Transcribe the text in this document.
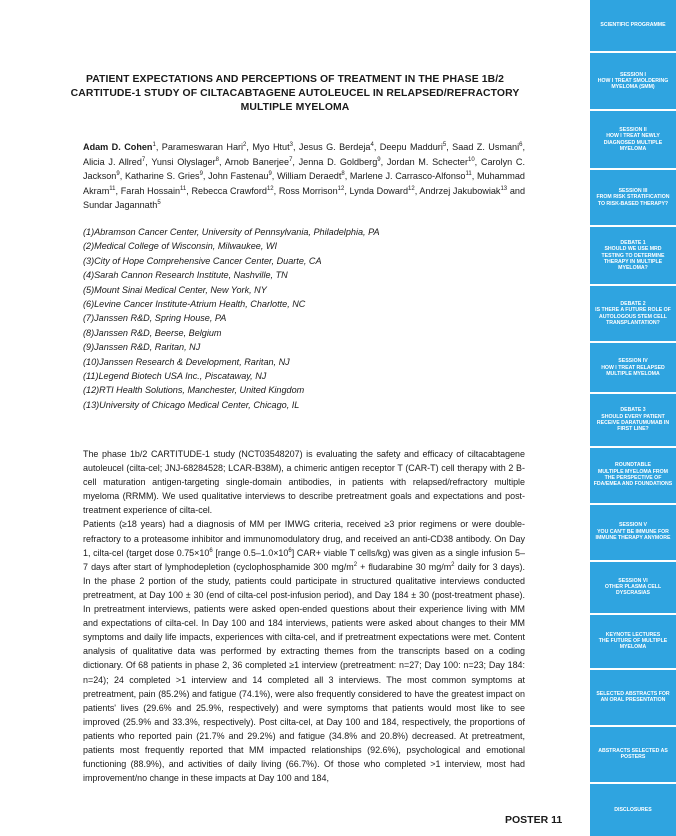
PATIENT EXPECTATIONS AND PERCEPTIONS OF TREATMENT IN THE PHASE 1B/2 CARTITUDE-1 STUDY OF CILTACABTAGENE AUTOLEUCEL IN RELAPSED/REFRACTORY MULTIPLE MYELOMA
Adam D. Cohen$^1$, Parameswaran Hari$^2$, Myo Htut$^3$, Jesus G. Berdeja$^4$, Deepu Madduri$^5$, Saad Z. Usmani$^6$, Alicia J. Allred$^7$, Yunsi Olyslager$^8$, Arnob Banerjee$^7$, Jenna D. Goldberg$^9$, Jordan M. Schecter$^{10}$, Carolyn C. Jackson$^9$, Katharine S. Gries$^9$, John Fastenau$^9$, William Deraedt$^8$, Marlene J. Carrasco-Alfonso$^{11}$, Muhammad Akram$^{11}$, Farah Hossain$^{11}$, Rebecca Crawford$^{12}$, Ross Morrison$^{12}$, Lynda Doward$^{12}$, Andrzej Jakubowiak$^{13}$ and Sundar Jagannath$^5$
(1)Abramson Cancer Center, University of Pennsylvania, Philadelphia, PA
(2)Medical College of Wisconsin, Milwaukee, WI
(3)City of Hope Comprehensive Cancer Center, Duarte, CA
(4)Sarah Cannon Research Institute, Nashville, TN
(5)Mount Sinai Medical Center, New York, NY
(6)Levine Cancer Institute-Atrium Health, Charlotte, NC
(7)Janssen R&D, Spring House, PA
(8)Janssen R&D, Beerse, Belgium
(9)Janssen R&D, Raritan, NJ
(10)Janssen Research & Development, Raritan, NJ
(11)Legend Biotech USA Inc., Piscataway, NJ
(12)RTI Health Solutions, Manchester, United Kingdom
(13)University of Chicago Medical Center, Chicago, IL

The phase 1b/2 CARTITUDE-1 study (NCT03548207) is evaluating the safety and efficacy of ciltacabtagene autoleucel (cilta-cel; JNJ-68284528; LCAR-B38M), a chimeric antigen receptor T (CAR-T) cell therapy with 2 B-cell maturation antigen-targeting single-domain antibodies, in patients with relapsed/refractory multiple myeloma (RRMM). We used qualitative interviews to describe pretreatment goals and expectations and post-treatment experience of cilta-cel.

Patients (≥18 years) had a diagnosis of MM per IMWG criteria, received ≥3 prior regimens or were double-refractory to a proteasome inhibitor and immunomodulatory drug, and received an anti-CD38 antibody. On Day 1, cilta-cel (target dose $0.75\times 10^6$ [range $0.5-1.0\times 10^6$] CAR+ viable T cells/kg) was given as a single infusion 5–7 days after start of lymphodepletion (cyclophosphamide 300 $mg/m^2$ + fludarabine 30 $mg/m^2$ daily for 3 days). In the phase 2 portion of the study, patients could participate in structured qualitative interviews conducted pretreatment, at Day 100 ± 30 (end of cilta-cel post-infusion period), and Day 184 ± 30 (post-treatment phase). In pretreatment interviews, patients were asked open-ended questions about their experience living with MM and expectations of cilta-cel. In Day 100 and 184 interviews, patients were asked about changes to their MM symptoms and daily life impacts, experiences with cilta-cel, and if pretreatment expectations were met. Content analysis of qualitative data was performed by extracting themes from the transcripts based on a coding dictionary. Of 68 patients in phase 2, 36 completed ≥1 interview (pretreatment: n=27; Day 100: n=23; Day 184: n=24); 24 completed >1 interview and 14 completed all 3 interviews. The most common symptoms at pretreatment, pain (85.2%) and fatigue (74.1%), were also frequently considered to have the greatest impact on patients' lives (29.6% and 25.9%, respectively) and were symptoms that patients would most like to see improved (25.9% and 33.3%, respectively). Post cilta-cel, at Day 100 and 184, respectively, the proportions of patients who reported pain (21.7% and 29.2%) and fatigue (34.8% and 20.8%) decreased. At pretreatment, patients most frequently reported that MM impacted relationships (92.6%), psychological and emotional functioning (88.9%), and activities of daily living (66.7%). Of those who completed >1 interview, most had improvement/no change in these impacts at Day 100 and 184,

POSTER 11
SCIENTIFIC PROGRAMME
SESSION I
HOW I TREAT SMOLDERING MYELOMA (SMM)
SESSION II
HOW I TREAT NEWLY DIAGNOSED MULTIPLE MYELOMA
SESSION III
FROM RISK STRATIFICATION TO RISK-BASED THERAPY?
DEBATE 1
SHOULD WE USE MRD TESTING TO DETERMINE THERAPY IN MULTIPLE MYELOMA?
DEBATE 2
IS THERE A FUTURE ROLE OF AUTOLOGOUS STEM CELL TRANSPLANTATION?
SESSION IV
HOW I TREAT RELAPSED MULTIPLE MYELOMA
DEBATE 3
SHOULD EVERY PATIENT RECEIVE DARATUMUMAB IN FIRST LINE?
ROUNDTABLE
MULTIPLE MYELOMA FROM THE PERSPECTIVE OF FDA/EMEA AND FOUNDATIONS
SESSION V
YOU CAN'T BE IMMUNE FOR IMMUNE THERAPY ANYMORE
SESSION VI
OTHER PLASMA CELL DYSCRASIAS
KEYNOTE LECTURES
THE FUTURE OF MULTIPLE MYELOMA
SELECTED ABSTRACTS FOR AN ORAL PRESENTATION
ABSTRACTS SELECTED AS POSTERS
DISCLOSURES
